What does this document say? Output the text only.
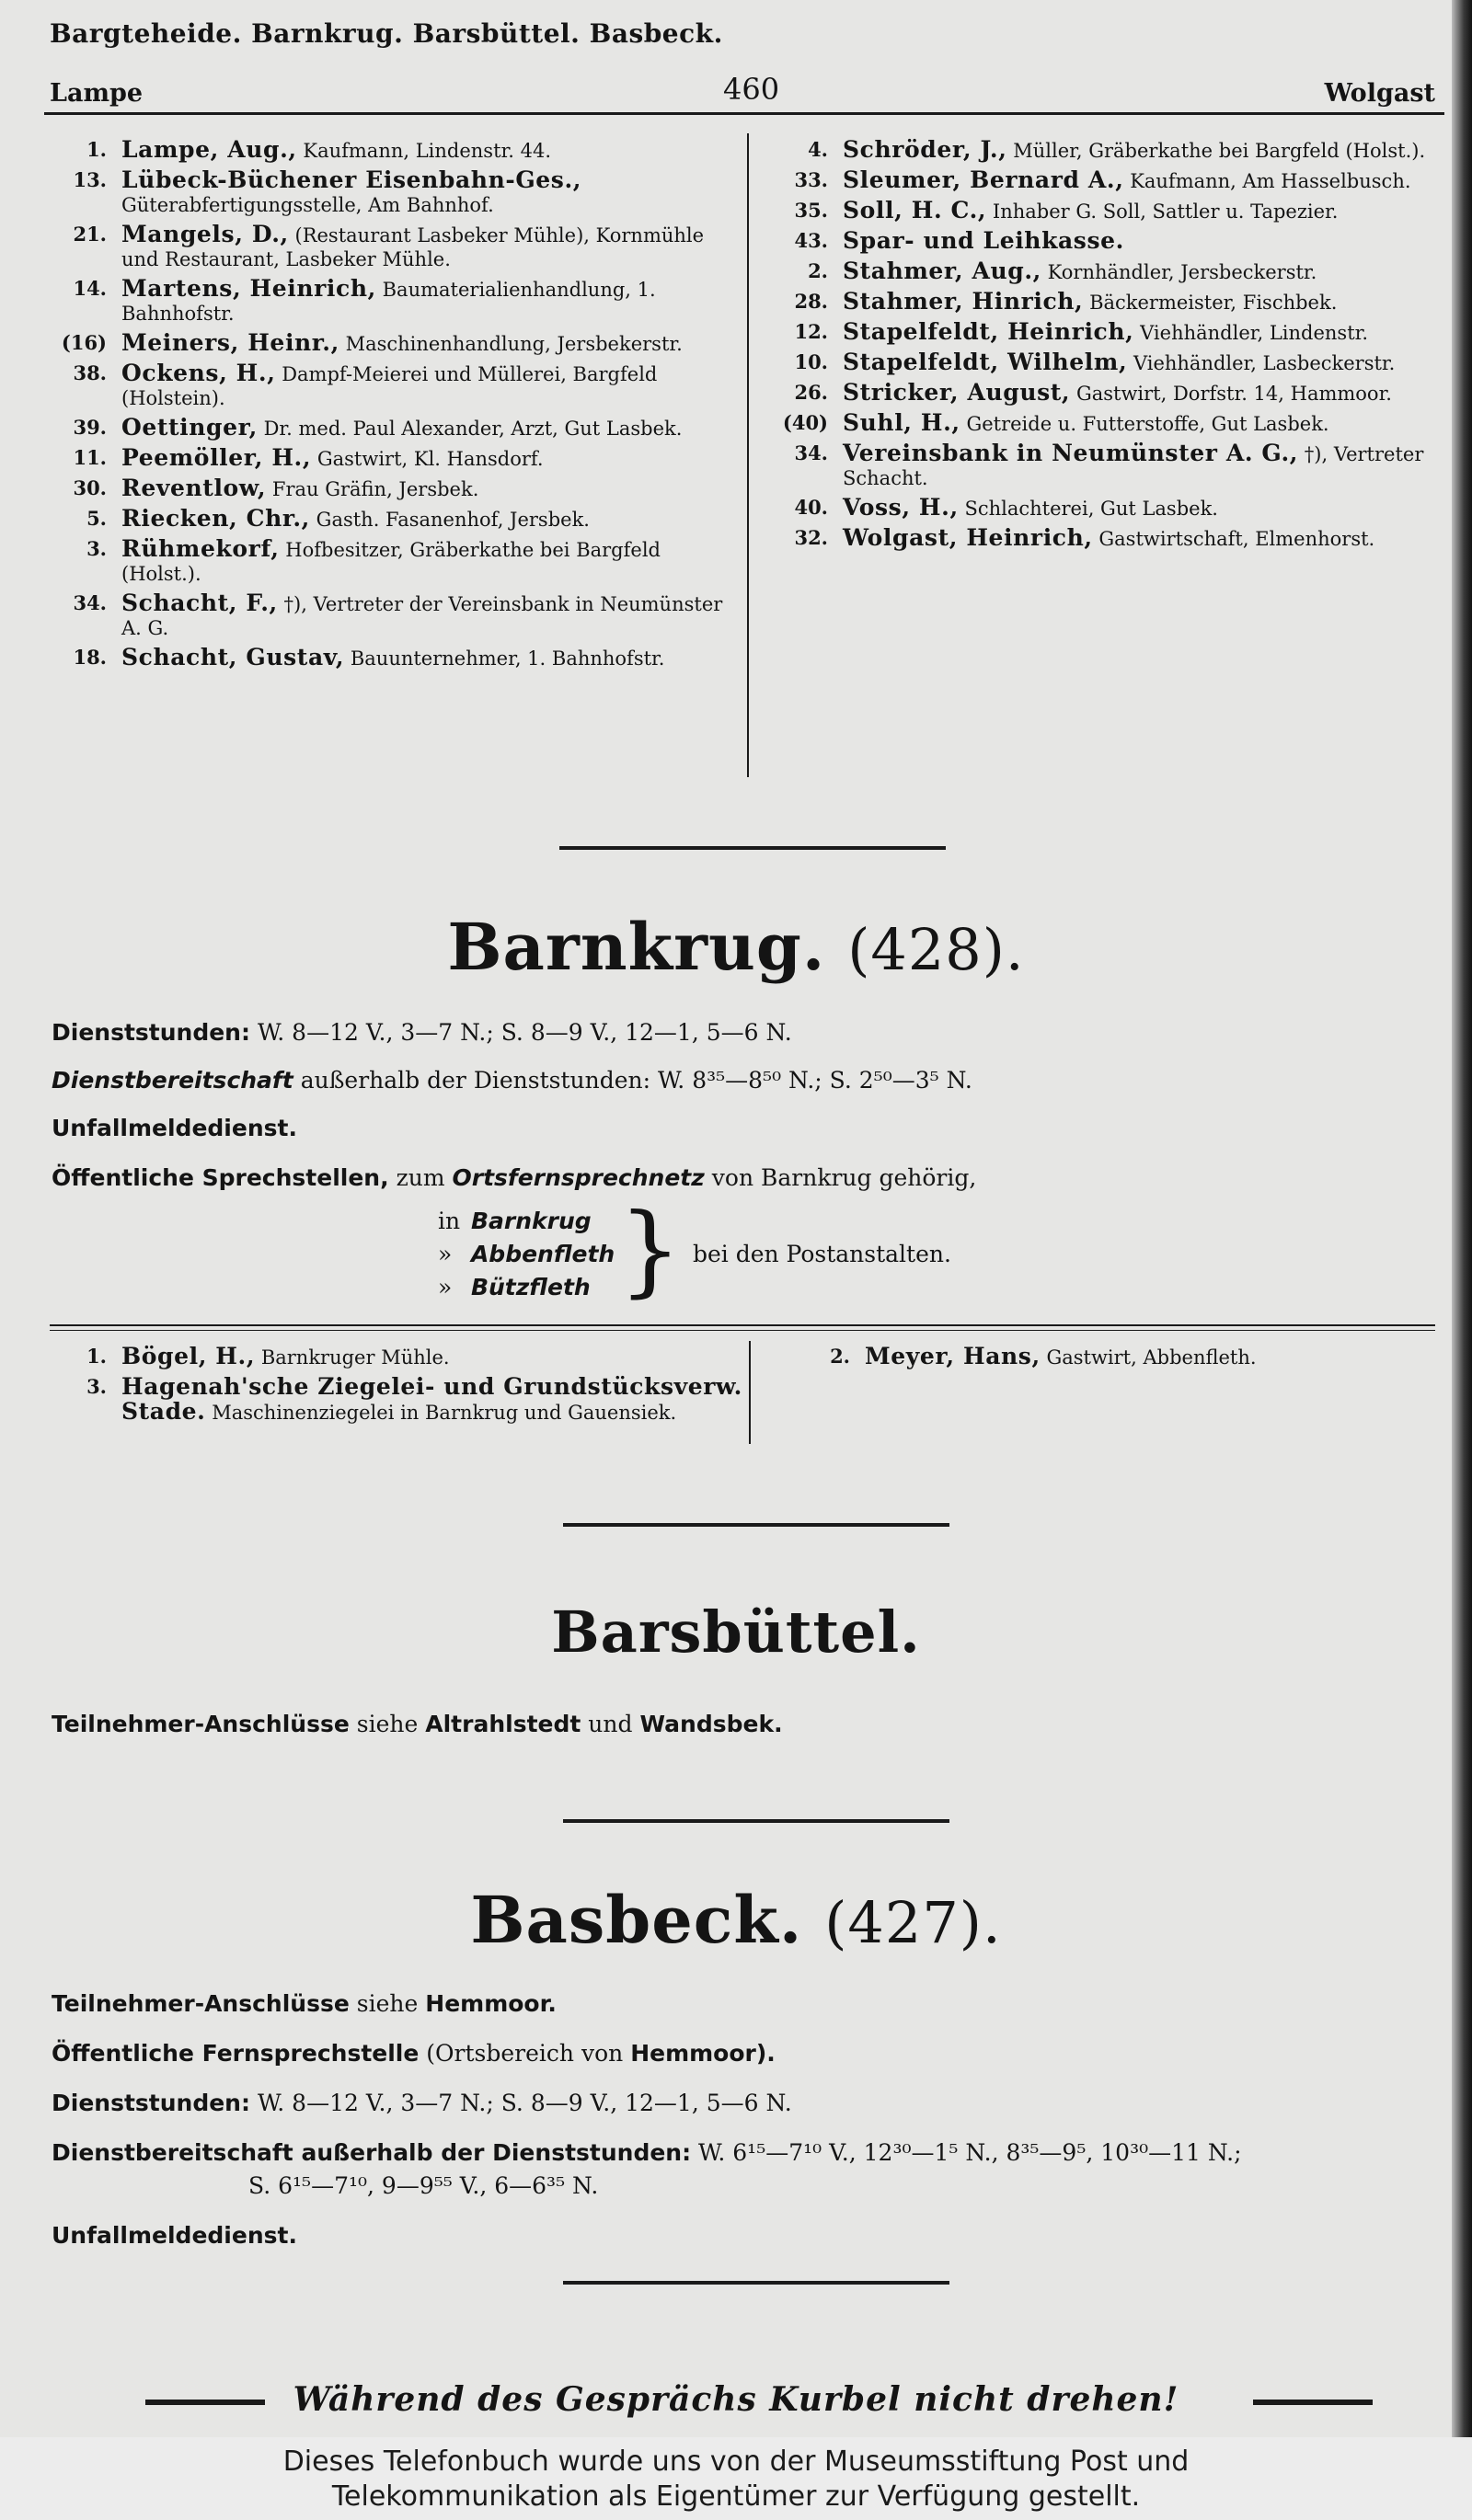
Bargteheide. Barnkrug. Barsbüttel. Basbeck.
Lampe	460	Wolgast
1. Lampe, Aug., Kaufmann, Lindenstr. 44.
13. Lübeck-Büchener Eisenbahn-Ges., Güterabfertigungsstelle, Am Bahnhof.
21. Mangels, D., (Restaurant Lasbeker Mühle), Kornmühle und Restaurant, Lasbeker Mühle.
14. Martens, Heinrich, Baumaterialienhandlung, 1. Bahnhofstr.
(16) Meiners, Heinr., Maschinenhandlung, Jersbekerstr.
38. Ockens, H., Dampf-Meierei und Müllerei, Bargfeld (Holstein).
39. Oettinger, Dr. med. Paul Alexander, Arzt, Gut Lasbek.
11. Peemöller, H., Gastwirt, Kl. Hansdorf.
30. Reventlow, Frau Gräfin, Jersbek.
5. Riecken, Chr., Gasth. Fasanenhof, Jersbek.
3. Rühmekorf, Hofbesitzer, Gräberkathe bei Bargfeld (Holst.).
34. Schacht, F., †), Vertreter der Vereinsbank in Neumünster A. G.
18. Schacht, Gustav, Bauunternehmer, 1. Bahnhofstr.
4. Schröder, J., Müller, Gräberkathe bei Bargfeld (Holst.).
33. Sleumer, Bernard A., Kaufmann, Am Hasselbusch.
35. Soll, H. C., Inhaber G. Soll, Sattler u. Tapezier.
43. Spar- und Leihkasse.
2. Stahmer, Aug., Kornhändler, Jersbeckerstr.
28. Stahmer, Hinrich, Bäckermeister, Fischbek.
12. Stapelfeldt, Heinrich, Viehhändler, Lindenstr.
10. Stapelfeldt, Wilhelm, Viehhändler, Lasbeckerstr.
26. Stricker, August, Gastwirt, Dorfstr. 14, Hammoor.
(40) Suhl, H., Getreide u. Futterstoffe, Gut Lasbek.
34. Vereinsbank in Neumünster A. G., †), Vertreter Schacht.
40. Voss, H., Schlachterei, Gut Lasbek.
32. Wolgast, Heinrich, Gastwirtschaft, Elmenhorst.
Barnkrug. (428).
Dienststunden: W. 8—12 V., 3—7 N.; S. 8—9 V., 12—1, 5—6 N.
Dienstbereitschaft außerhalb der Dienststunden: W. 8³⁵—8⁵⁰ N.; S. 2⁵⁰—3⁵ N.
Unfallmeldedienst.
Öffentliche Sprechstellen, zum Ortsfernsprechnetz von Barnkrug gehörig,
in Barnkrug
» Abbenfleth
» Bützfleth } bei den Postanstalten.
1. Bögel, H., Barnkruger Mühle.
3. Hagenah'sche Ziegelei- und Grundstücksverw. Stade. Maschinenziegelei in Barnkrug und Gauensiek.
2. Meyer, Hans, Gastwirt, Abbenfleth.
Barsbüttel.
Teilnehmer-Anschlüsse siehe Altrahlstedt und Wandsbek.
Basbeck. (427).
Teilnehmer-Anschlüsse siehe Hemmoor.
Öffentliche Fernsprechstelle (Ortsbereich von Hemmoor).
Dienststunden: W. 8—12 V., 3—7 N.; S. 8—9 V., 12—1, 5—6 N.
Dienstbereitschaft außerhalb der Dienststunden: W. 6¹⁵—7¹⁰ V., 12³⁰—1⁵ N., 8³⁵—9⁵, 10³⁰—11 N.;
S. 6¹⁵—7¹⁰, 9—9⁵⁵ V., 6—6³⁵ N.
Unfallmeldedienst.
Während des Gesprächs Kurbel nicht drehen!
Dieses Telefonbuch wurde uns von der Museumsstiftung Post und
Telekommunikation als Eigentümer zur Verfügung gestellt.
